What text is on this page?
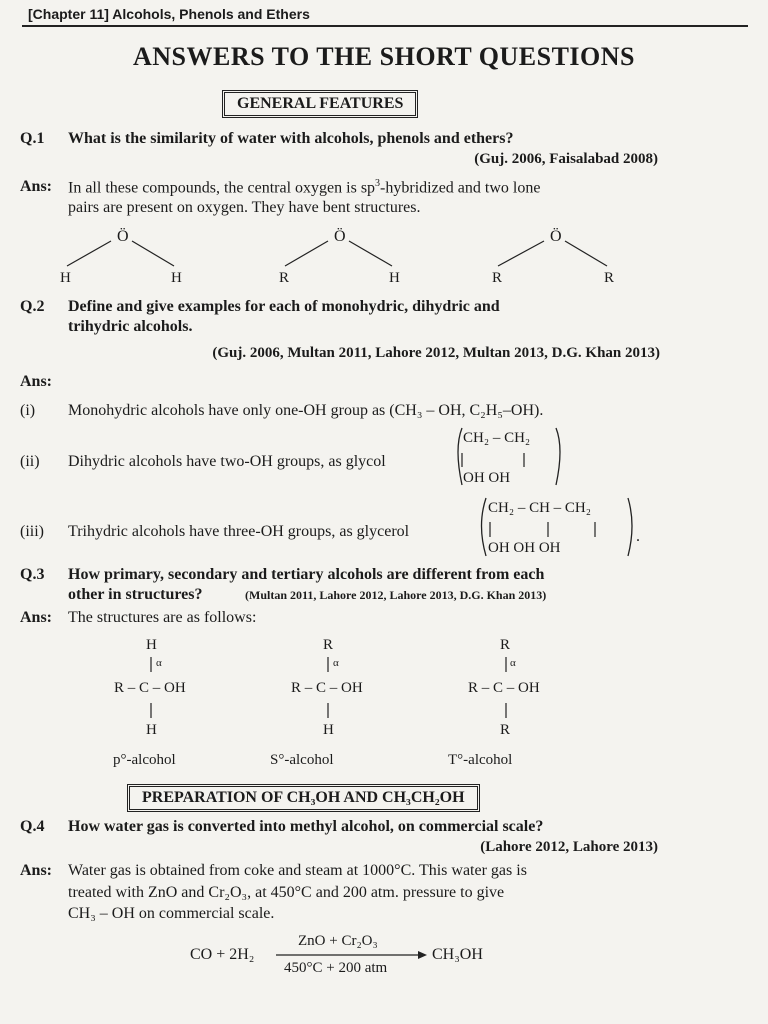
[Chapter 11] Alcohols, Phenols and Ethers
ANSWERS TO THE SHORT QUESTIONS
GENERAL FEATURES
Q.1 What is the similarity of water with alcohols, phenols and ethers?
(Guj. 2006, Faisalabad 2008)
Ans: In all these compounds, the central oxygen is $sp^3$-hybridized and two lone
pairs are present on oxygen. They have bent structures.
Ö
H	H
Ö
R	H
Ö
R	R
Q.2 Define and give examples for each of monohydric, dihydric and
trihydric alcohols.
(Guj. 2006, Multan 2011, Lahore 2012, Multan 2013, D.G. Khan 2013)
Ans:
(i) Monohydric alcohols have only one-OH group as (CH₃ – OH, C₂H₅–OH).
(ii) Dihydric alcohols have two-OH groups, as glycol
CH₂ – CH₂
OH OH
(iii) Trihydric alcohols have three-OH groups, as glycerol
CH₂ – CH – CH₂
OH OH OH
.
Q.3 How primary, secondary and tertiary alcohols are different from each
other in structures?	(Multan 2011, Lahore 2012, Lahore 2013, D.G. Khan 2013)
Ans: The structures are as follows:
H
α
R – C – OH
H
p°-alcohol
R
α
R – C – OH
H
S°-alcohol
R
α
R – C – OH
R
T°-alcohol
PREPARATION OF CH₃OH AND CH₃CH₂OH
Q.4 How water gas is converted into methyl alcohol, on commercial scale?
(Lahore 2012, Lahore 2013)
Ans: Water gas is obtained from coke and steam at 1000°C. This water gas is
treated with ZnO and Cr₂O₃, at 450°C and 200 atm. pressure to give
CH₃ – OH on commercial scale.
CO + 2H₂
ZnO + Cr₂O₃
450°C + 200 atm
CH₃OH
